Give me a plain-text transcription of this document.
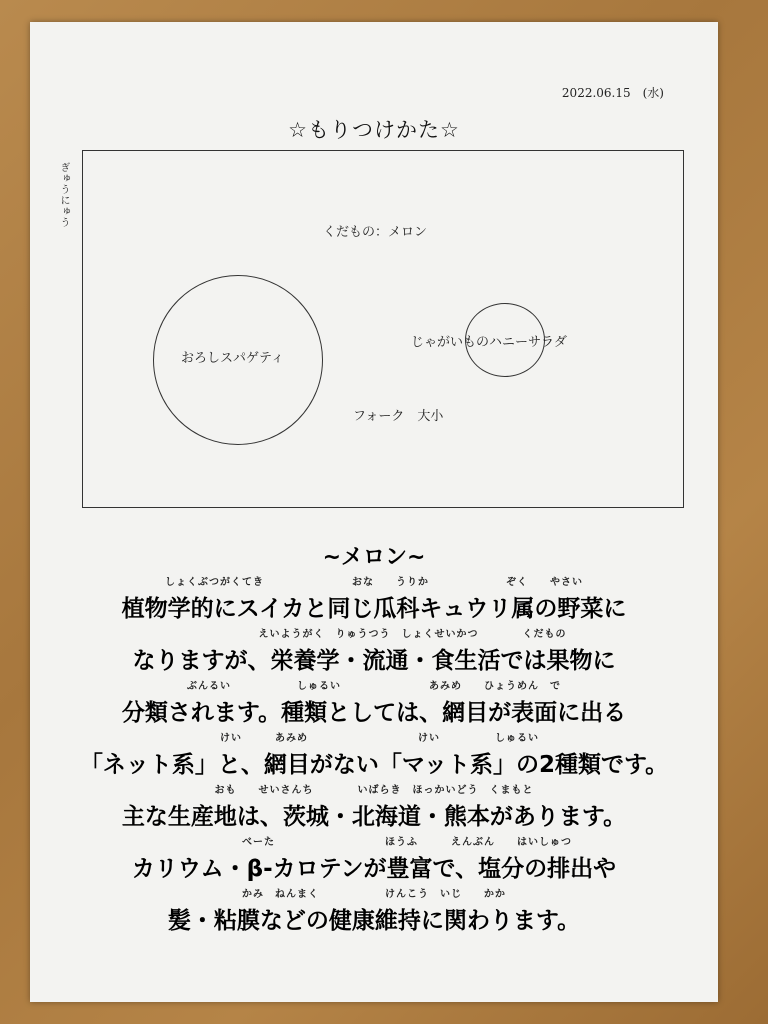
2022.06.15　(水)
☆もりつけかた☆
ぎゅうにゅう
くだもの：メロン
おろしスパゲティ
じゃがいものハニーサラダ
フォーク　大小
~メロン~
しょくぶつがくてき　　　　　　　　おな　　うりか　　　　　　　ぞく　　やさい
植物学的にスイカと同じ瓜科キュウリ属の野菜に
　　　　　　　えいようがく　りゅうつう　しょくせいかつ　　　　くだもの
なりますが、栄養学・流通・食生活では果物に
ぶんるい　　　　　　しゅるい　　　　　　　　あみめ　　ひょうめん　で
分類されます。種類としては、網目が表面に出る
　けい　　　あみめ　　　　　　　　　　けい　　　　　しゅるい
「ネット系」と、網目がない「マット系」の2種類です。
おも　　せいさんち　　　　いばらき　ほっかいどう　くまもと
主な生産地は、茨城・北海道・熊本があります。
　　　　　　べーた　　　　　　　　　　ほうふ　　　えんぶん　　はいしゅつ
カリウム・β-カロテンが豊富で、塩分の排出や
かみ　ねんまく　　　　　　けんこう　いじ　　かか
髪・粘膜などの健康維持に関わります。
